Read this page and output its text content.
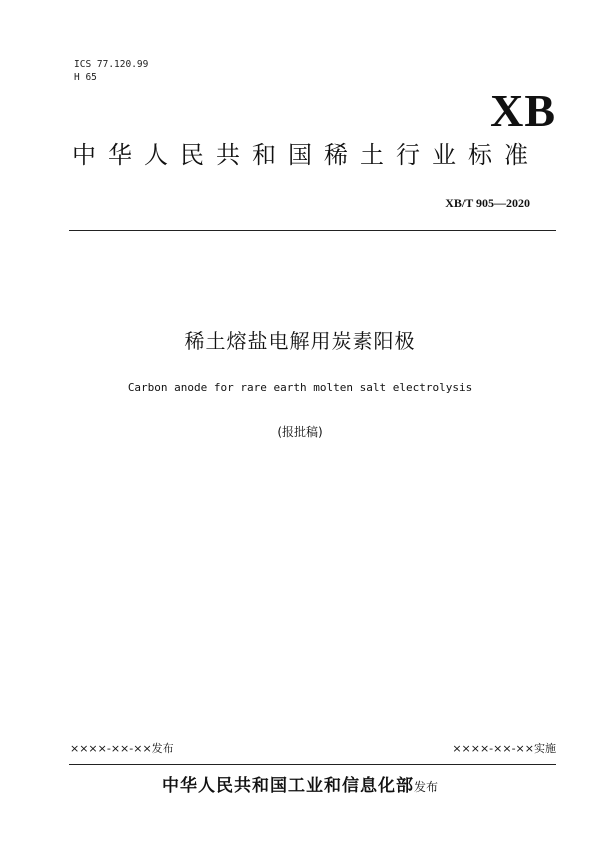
ICS 77.120.99
H 65
XB
中华人民共和国稀土行业标准
XB/T 905—2020
稀土熔盐电解用炭素阳极
Carbon anode for rare earth molten salt electrolysis
(报批稿)
××××-××-××发布	××××-××-××实施
中华人民共和国工业和信息化部发布
